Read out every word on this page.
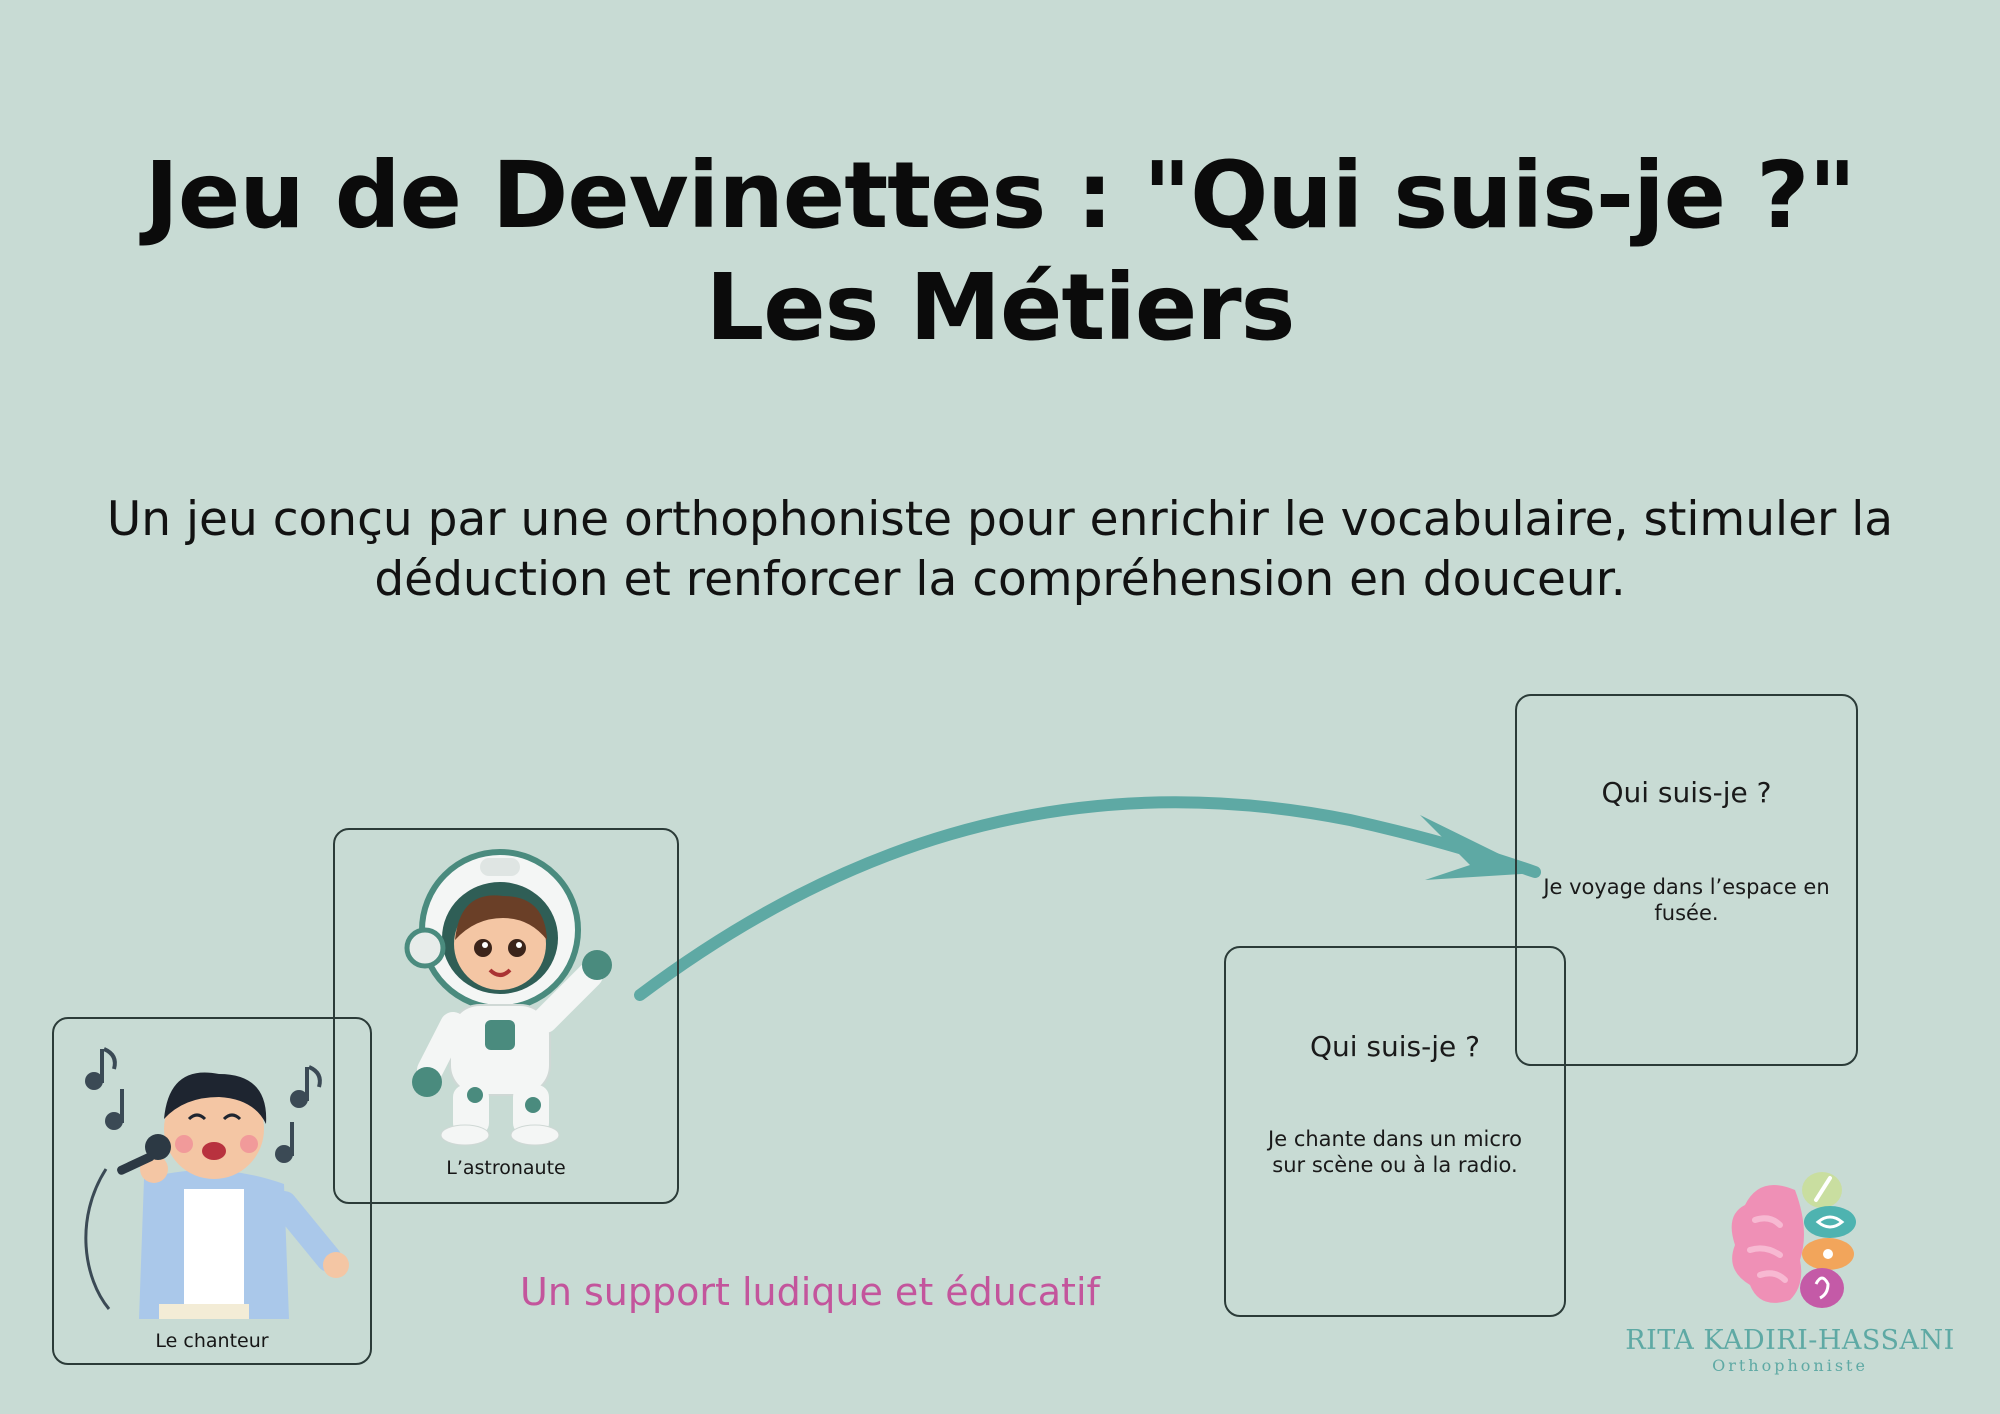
Jeu de Devinettes : "Qui suis-je ?"
Les Métiers

Un jeu conçu par une orthophoniste pour enrichir le vocabulaire, stimuler la
déduction et renforcer la compréhension en douceur.

Le chanteur
L’astronaute
Qui suis-je ?
Je chante dans un micro sur scène ou à la radio.
Qui suis-je ?
Je voyage dans l’espace en fusée.
Un support ludique et éducatif
RITA KADIRI-HASSANI
Orthophoniste
